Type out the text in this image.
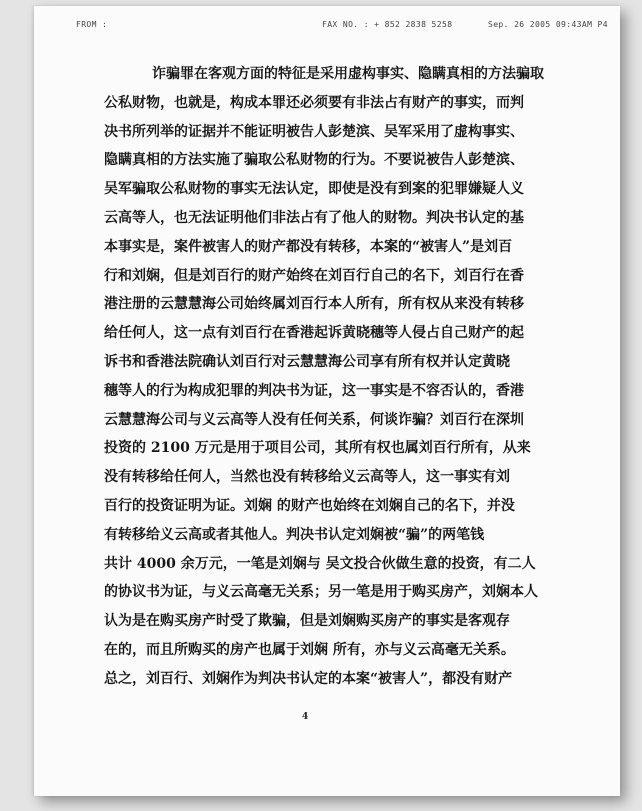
FROM :	FAX NO. : + 852 2838 5258	Sep. 26 2005 09:43AM P4
诈骗罪在客观方面的特征是采用虚构事实、隐瞒真相的方法骗取
公私财物，也就是，构成本罪还必须要有非法占有财产的事实，而判
决书所列举的证据并不能证明被告人彭楚滨、吴军采用了虚构事实、
隐瞒真相的方法实施了骗取公私财物的行为。不要说被告人彭楚滨、
吴军骗取公私财物的事实无法认定，即使是没有到案的犯罪嫌疑人义
云高等人，也无法证明他们非法占有了他人的财物。判决书认定的基
本事实是，案件被害人的财产都没有转移，本案的“被害人”是刘百
行和刘娴，但是刘百行的财产始终在刘百行自己的名下，刘百行在香
港注册的云慧慧海公司始终属刘百行本人所有，所有权从来没有转移
给任何人，这一点有刘百行在香港起诉黄晓穗等人侵占自己财产的起
诉书和香港法院确认刘百行对云慧慧海公司享有所有权并认定黄晓
穗等人的行为构成犯罪的判决书为证，这一事实是不容否认的，香港
云慧慧海公司与义云高等人没有任何关系，何谈诈骗？刘百行在深圳
投资的 2100 万元是用于项目公司，其所有权也属刘百行所有，从来
没有转移给任何人，当然也没有转移给义云高等人，这一事实有刘
百行的投资证明为证。刘娴 的财产也始终在刘娴自己的名下，并没
有转移给义云高或者其他人。判决书认定刘娴被“骗”的两笔钱
共计 4000 余万元，一笔是刘娴与 吴文投合伙做生意的投资，有二人
的协议书为证，与义云高毫无关系；另一笔是用于购买房产，刘娴本人
认为是在购买房产时受了欺骗，但是刘娴购买房产的事实是客观存
在的，而且所购买的房产也属于刘娴 所有，亦与义云高毫无关系。
总之，刘百行、刘娴作为判决书认定的本案“被害人”，都没有财产
4
